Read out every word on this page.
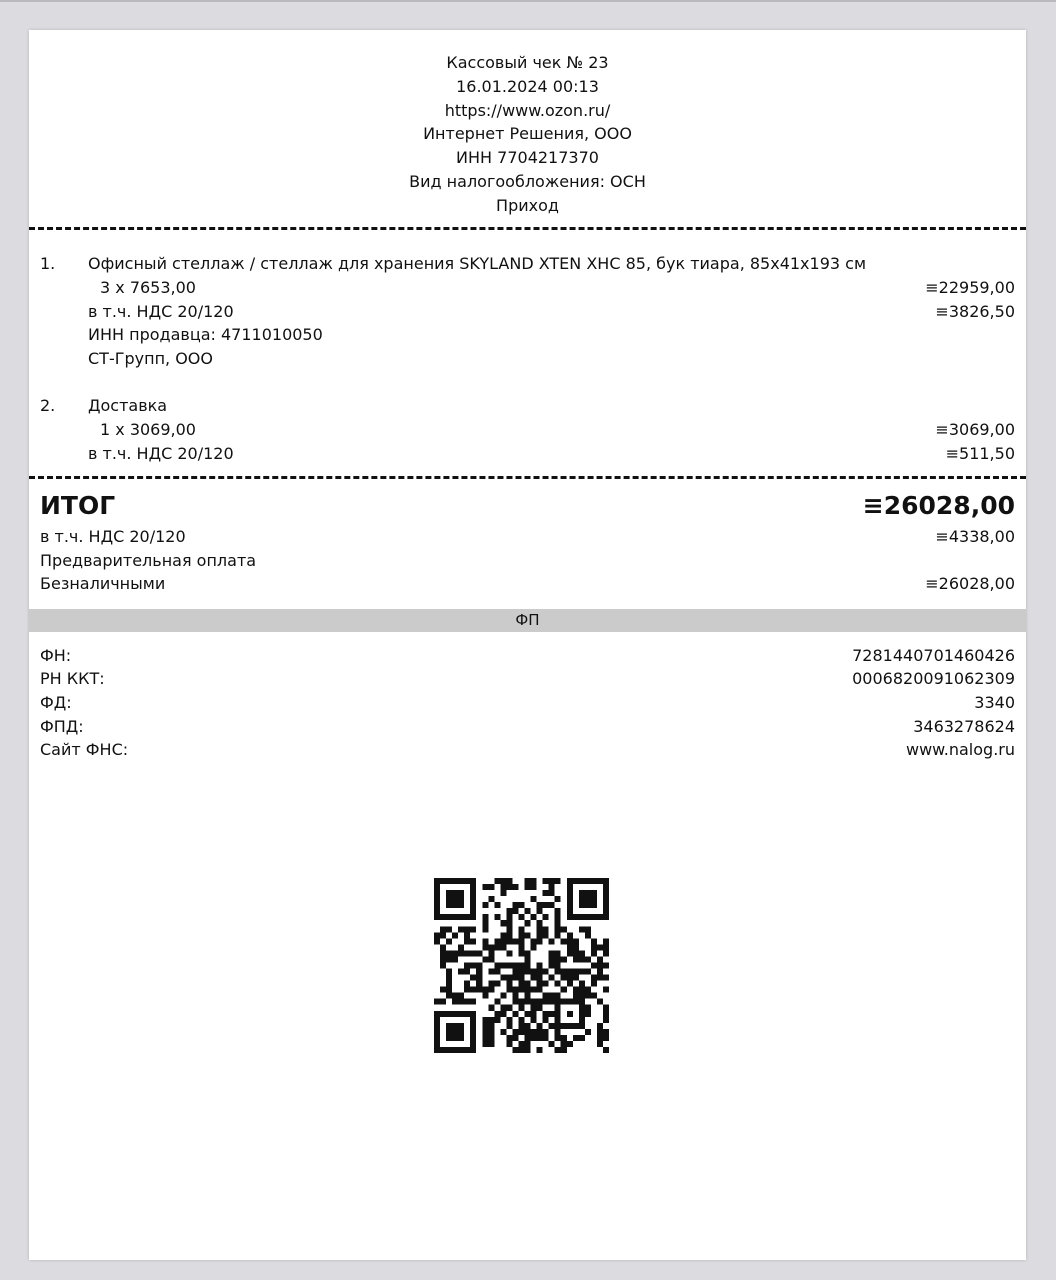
Кассовый чек № 23
16.01.2024 00:13
https://www.ozon.ru/
Интернет Решения, ООО
ИНН 7704217370
Вид налогообложения: ОСН
Приход
1. Офисный стеллаж / стеллаж для хранения SKYLAND XTEN XHC 85, бук тиара, 85x41x193 см
3 x 7653,00	≡22959,00
в т.ч. НДС 20/120	≡3826,50
ИНН продавца: 4711010050
СТ-Групп, ООО
2. Доставка
1 x 3069,00	≡3069,00
в т.ч. НДС 20/120	≡511,50
ИТОГ	≡26028,00
в т.ч. НДС 20/120	≡4338,00
Предварительная оплата
Безналичными	≡26028,00
ФП
ФН:	7281440701460426
РН ККТ:	0006820091062309
ФД:	3340
ФПД:	3463278624
Сайт ФНС:	www.nalog.ru
